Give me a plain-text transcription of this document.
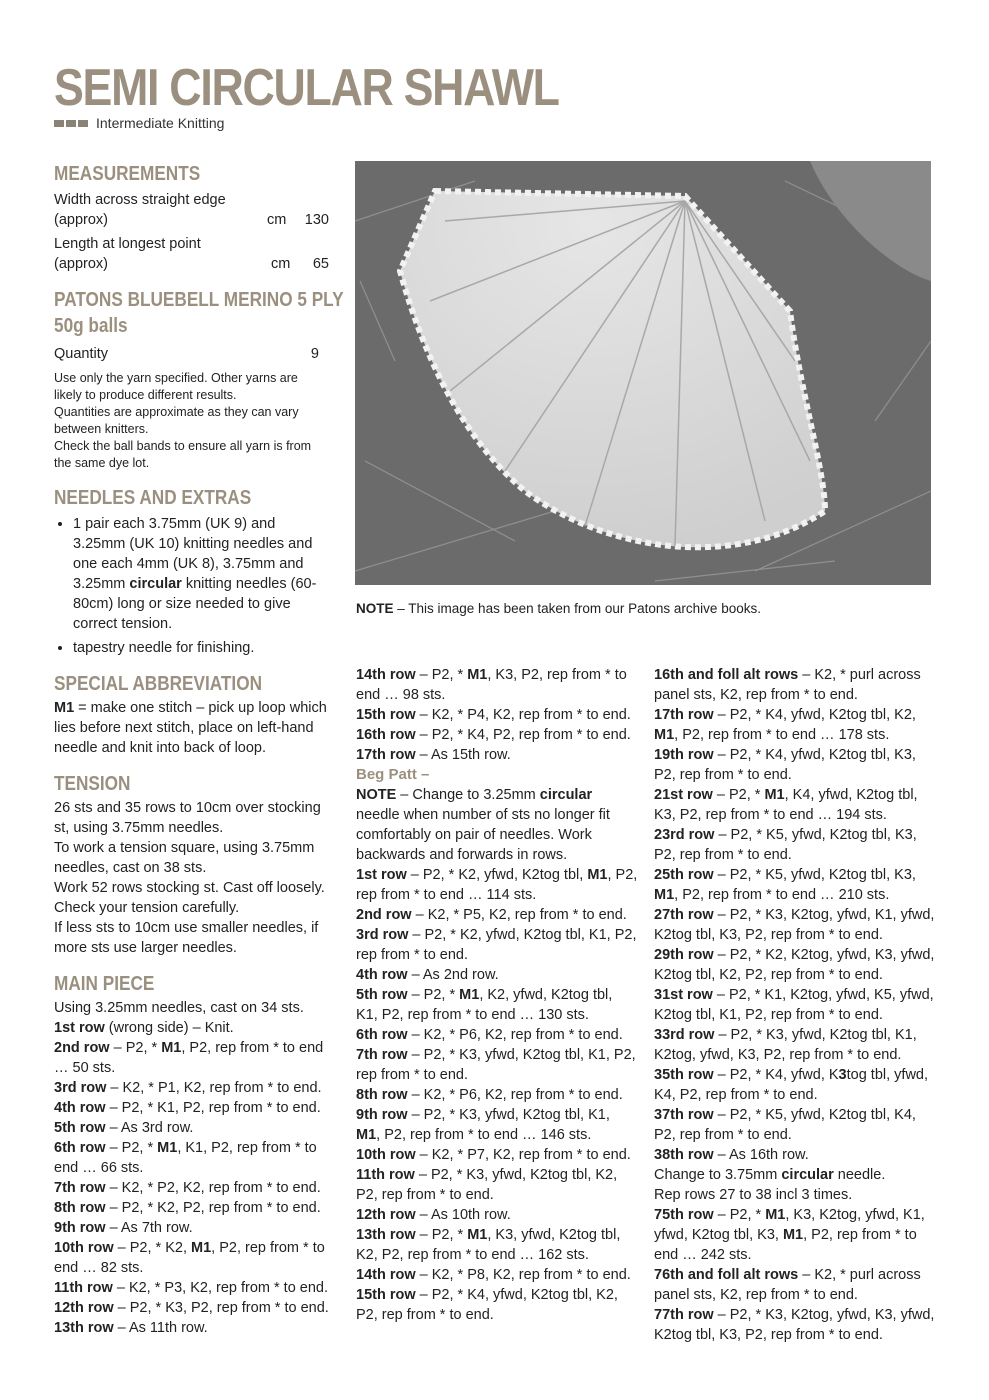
SEMI CIRCULAR SHAWL
Intermediate Knitting
MEASUREMENTS
Width across straight edge
(approx)	cm 130
Length at longest point
(approx)	cm 65
PATONS BLUEBELL MERINO 5 PLY
50g balls
Quantity	9

Use only the yarn specified. Other yarns are likely to produce different results.

Quantities are approximate as they can vary between knitters.

Check the ball bands to ensure all yarn is from the same dye lot.

NEEDLES AND EXTRAS
• 1 pair each 3.75mm (UK 9) and 3.25mm (UK 10) knitting needles and one each 4mm (UK 8), 3.75mm and 3.25mm circular knitting needles (60-80cm) long or size needed to give correct tension.
• tapestry needle for finishing.
SPECIAL ABBREVIATION

M1 = make one stitch – pick up loop which lies before next stitch, place on left-hand needle and knit into back of loop.

TENSION

26 sts and 35 rows to 10cm over stocking st, using 3.75mm needles.

To work a tension square, using 3.75mm needles, cast on 38 sts.

Work 52 rows stocking st. Cast off loosely.

Check your tension carefully.

If less sts to 10cm use smaller needles, if more sts use larger needles.

MAIN PIECE

Using 3.25mm needles, cast on 34 sts.

1st row (wrong side) – Knit.

2nd row – P2, * M1, P2, rep from * to end … 50 sts.

3rd row – K2, * P1, K2, rep from * to end.

4th row – P2, * K1, P2, rep from * to end.

5th row – As 3rd row.

6th row – P2, * M1, K1, P2, rep from * to end … 66 sts.

7th row – K2, * P2, K2, rep from * to end.

8th row – P2, * K2, P2, rep from * to end.

9th row – As 7th row.

10th row – P2, * K2, M1, P2, rep from * to end … 82 sts.

11th row – K2, * P3, K2, rep from * to end.

12th row – P2, * K3, P2, rep from * to end.

13th row – As 11th row.

NOTE – This image has been taken from our Patons archive books.

14th row – P2, * M1, K3, P2, rep from * to end … 98 sts.

15th row – K2, * P4, K2, rep from * to end.

16th row – P2, * K4, P2, rep from * to end.

17th row – As 15th row.

Beg Patt –

NOTE – Change to 3.25mm circular needle when number of sts no longer fit comfortably on pair of needles. Work backwards and forwards in rows.

1st row – P2, * K2, yfwd, K2tog tbl, M1, P2, rep from * to end … 114 sts.

2nd row – K2, * P5, K2, rep from * to end.

3rd row – P2, * K2, yfwd, K2tog tbl, K1, P2, rep from * to end.

4th row – As 2nd row.

5th row – P2, * M1, K2, yfwd, K2tog tbl, K1, P2, rep from * to end … 130 sts.

6th row – K2, * P6, K2, rep from * to end.

7th row – P2, * K3, yfwd, K2tog tbl, K1, P2, rep from * to end.

8th row – K2, * P6, K2, rep from * to end.

9th row – P2, * K3, yfwd, K2tog tbl, K1, M1, P2, rep from * to end … 146 sts.

10th row – K2, * P7, K2, rep from * to end.

11th row – P2, * K3, yfwd, K2tog tbl, K2, P2, rep from * to end.

12th row – As 10th row.

13th row – P2, * M1, K3, yfwd, K2tog tbl, K2, P2, rep from * to end … 162 sts.

14th row – K2, * P8, K2, rep from * to end.

15th row – P2, * K4, yfwd, K2tog tbl, K2, P2, rep from * to end.

16th and foll alt rows – K2, * purl across panel sts, K2, rep from * to end.

17th row – P2, * K4, yfwd, K2tog tbl, K2, M1, P2, rep from * to end … 178 sts.

19th row – P2, * K4, yfwd, K2tog tbl, K3, P2, rep from * to end.

21st row – P2, * M1, K4, yfwd, K2tog tbl, K3, P2, rep from * to end … 194 sts.

23rd row – P2, * K5, yfwd, K2tog tbl, K3, P2, rep from * to end.

25th row – P2, * K5, yfwd, K2tog tbl, K3, M1, P2, rep from * to end … 210 sts.

27th row – P2, * K3, K2tog, yfwd, K1, yfwd, K2tog tbl, K3, P2, rep from * to end.

29th row – P2, * K2, K2tog, yfwd, K3, yfwd, K2tog tbl, K2, P2, rep from * to end.

31st row – P2, * K1, K2tog, yfwd, K5, yfwd, K2tog tbl, K1, P2, rep from * to end.

33rd row – P2, * K3, yfwd, K2tog tbl, K1, K2tog, yfwd, K3, P2, rep from * to end.

35th row – P2, * K4, yfwd, K3tog tbl, yfwd, K4, P2, rep from * to end.

37th row – P2, * K5, yfwd, K2tog tbl, K4, P2, rep from * to end.

38th row – As 16th row.

Change to 3.75mm circular needle.

Rep rows 27 to 38 incl 3 times.

75th row – P2, * M1, K3, K2tog, yfwd, K1, yfwd, K2tog tbl, K3, M1, P2, rep from * to end … 242 sts.

76th and foll alt rows – K2, * purl across panel sts, K2, rep from * to end.

77th row – P2, * K3, K2tog, yfwd, K3, yfwd, K2tog tbl, K3, P2, rep from * to end.
